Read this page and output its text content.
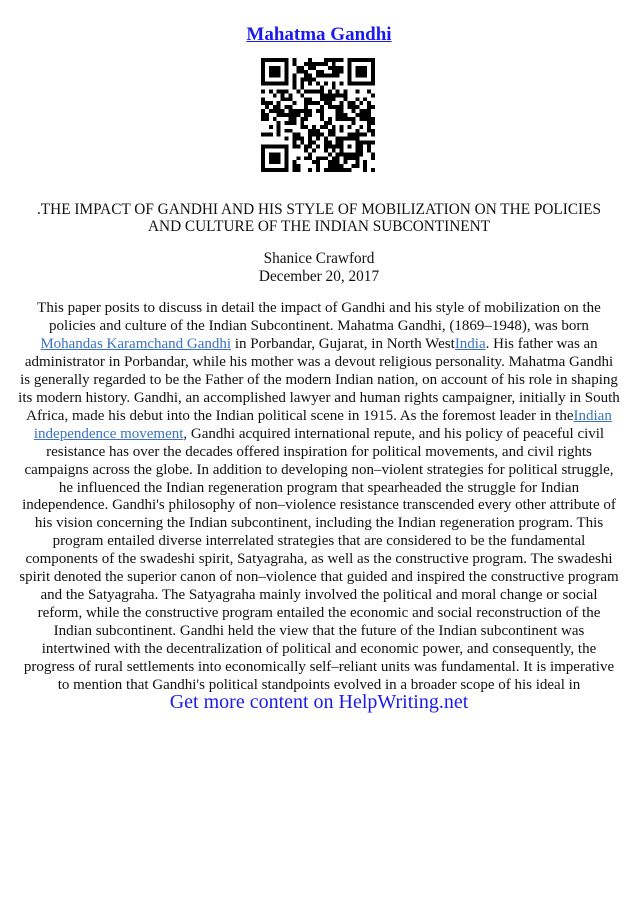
Mahatma Gandhi
.THE IMPACT OF GANDHI AND HIS STYLE OF MOBILIZATION ON THE POLICIES AND CULTURE OF THE INDIAN SUBCONTINENT
Shanice Crawford
December 20, 2017
This paper posits to discuss in detail the impact of Gandhi and his style of mobilization on the policies and culture of the Indian Subcontinent. Mahatma Gandhi, (1869–1948), was born Mohandas Karamchand Gandhi in Porbandar, Gujarat, in North WestIndia. His father was an administrator in Porbandar, while his mother was a devout religious personality. Mahatma Gandhi is generally regarded to be the Father of the modern Indian nation, on account of his role in shaping its modern history. Gandhi, an accomplished lawyer and human rights campaigner, initially in South Africa, made his debut into the Indian political scene in 1915. As the foremost leader in theIndian independence movement, Gandhi acquired international repute, and his policy of peaceful civil resistance has over the decades offered inspiration for political movements, and civil rights campaigns across the globe. In addition to developing non–violent strategies for political struggle, he influenced the Indian regeneration program that spearheaded the struggle for Indian independence. Gandhi's philosophy of non–violence resistance transcended every other attribute of his vision concerning the Indian subcontinent, including the Indian regeneration program. This program entailed diverse interrelated strategies that are considered to be the fundamental components of the swadeshi spirit, Satyagraha, as well as the constructive program. The swadeshi spirit denoted the superior canon of non–violence that guided and inspired the constructive program and the Satyagraha. The Satyagraha mainly involved the political and moral change or social reform, while the constructive program entailed the economic and social reconstruction of the Indian subcontinent. Gandhi held the view that the future of the Indian subcontinent was intertwined with the decentralization of political and economic power, and consequently, the progress of rural settlements into economically self–reliant units was fundamental. It is imperative to mention that Gandhi's political standpoints evolved in a broader scope of his ideal in
Get more content on HelpWriting.net
